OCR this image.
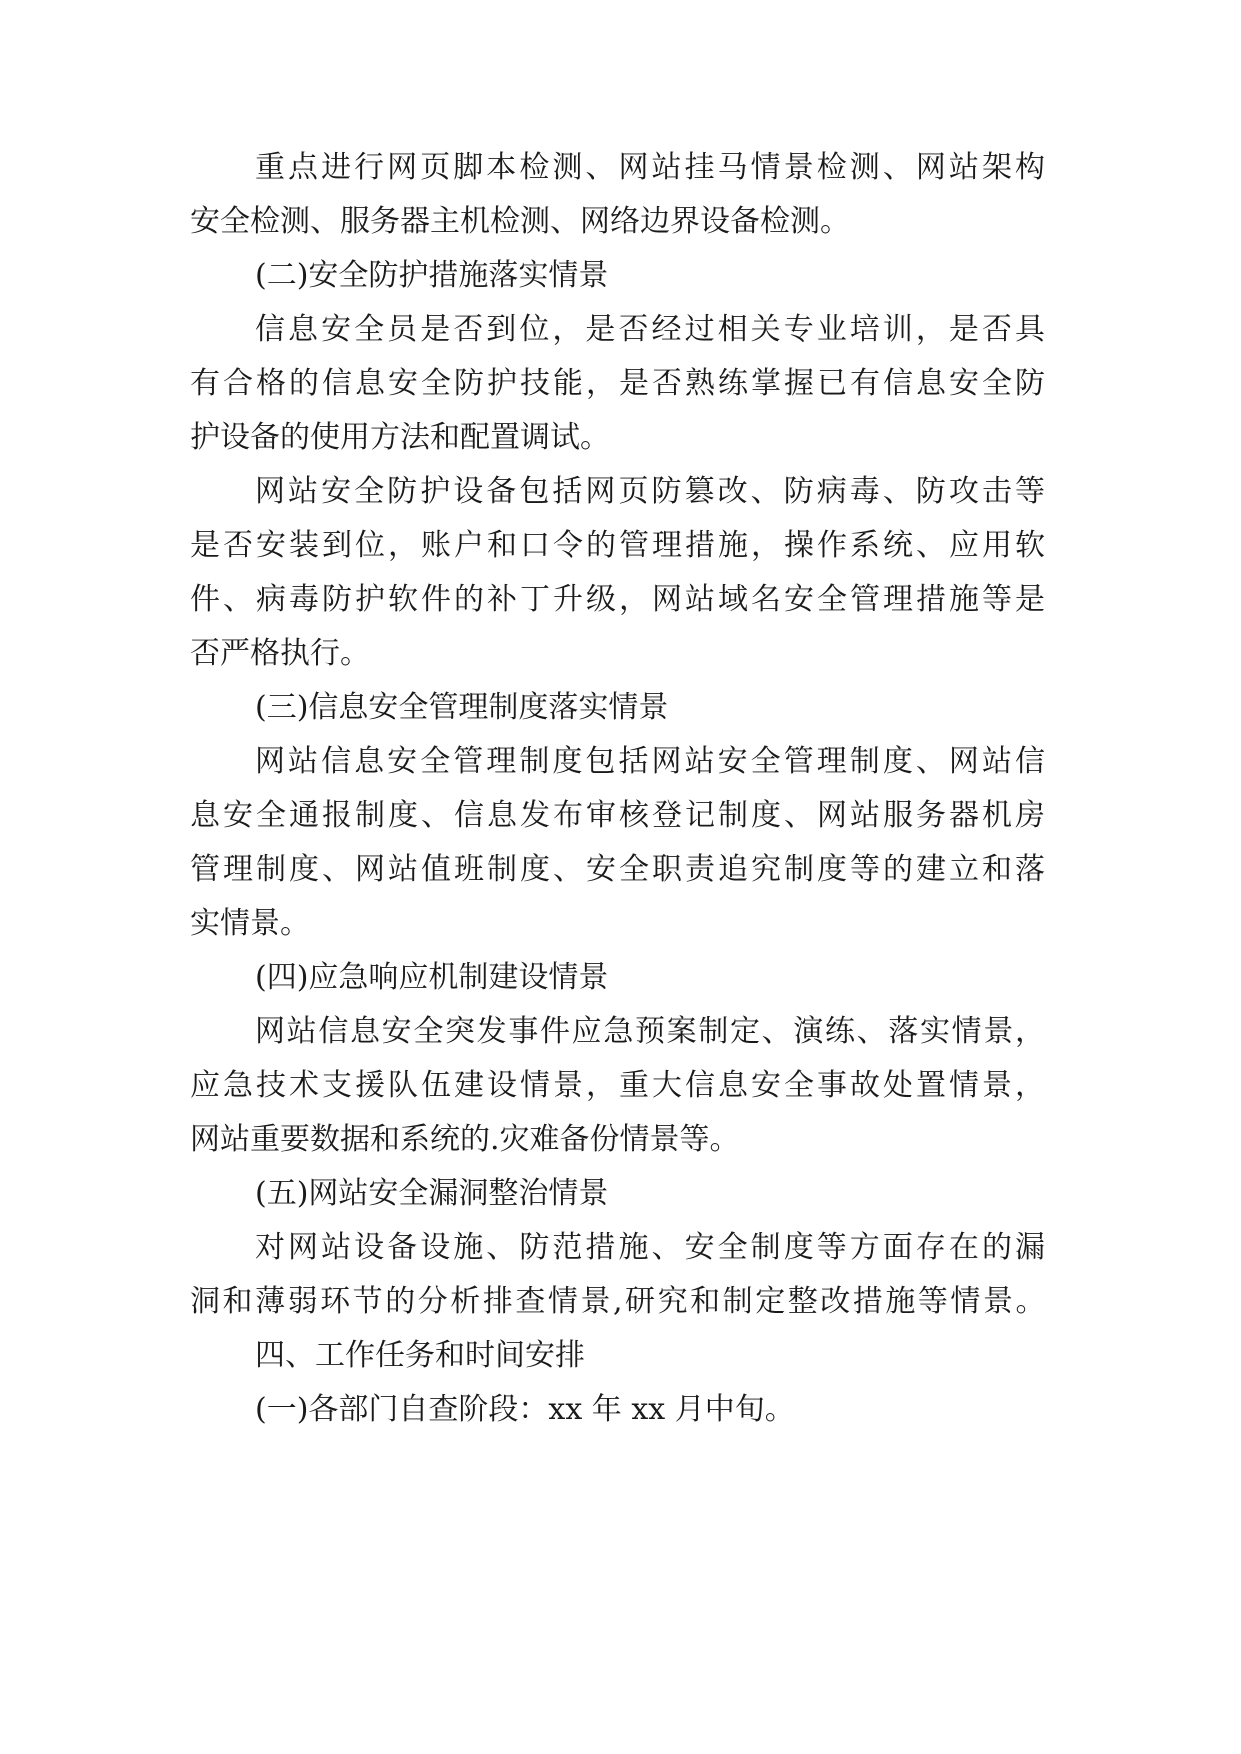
重点进行网页脚本检测、网站挂马情景检测、网站架构
安全检测、服务器主机检测、网络边界设备检测。
(二)安全防护措施落实情景
信息安全员是否到位，是否经过相关专业培训，是否具
有合格的信息安全防护技能，是否熟练掌握已有信息安全防
护设备的使用方法和配置调试。
网站安全防护设备包括网页防篡改、防病毒、防攻击等
是否安装到位，账户和口令的管理措施，操作系统、应用软
件、病毒防护软件的补丁升级，网站域名安全管理措施等是
否严格执行。
(三)信息安全管理制度落实情景
网站信息安全管理制度包括网站安全管理制度、网站信
息安全通报制度、信息发布审核登记制度、网站服务器机房
管理制度、网站值班制度、安全职责追究制度等的建立和落
实情景。
(四)应急响应机制建设情景
网站信息安全突发事件应急预案制定、演练、落实情景，
应急技术支援队伍建设情景，重大信息安全事故处置情景，
网站重要数据和系统的.灾难备份情景等。
(五)网站安全漏洞整治情景
对网站设备设施、防范措施、安全制度等方面存在的漏
洞和薄弱环节的分析排查情景,研究和制定整改措施等情景。
四、工作任务和时间安排
(一)各部门自查阶段：xx 年 xx 月中旬。
